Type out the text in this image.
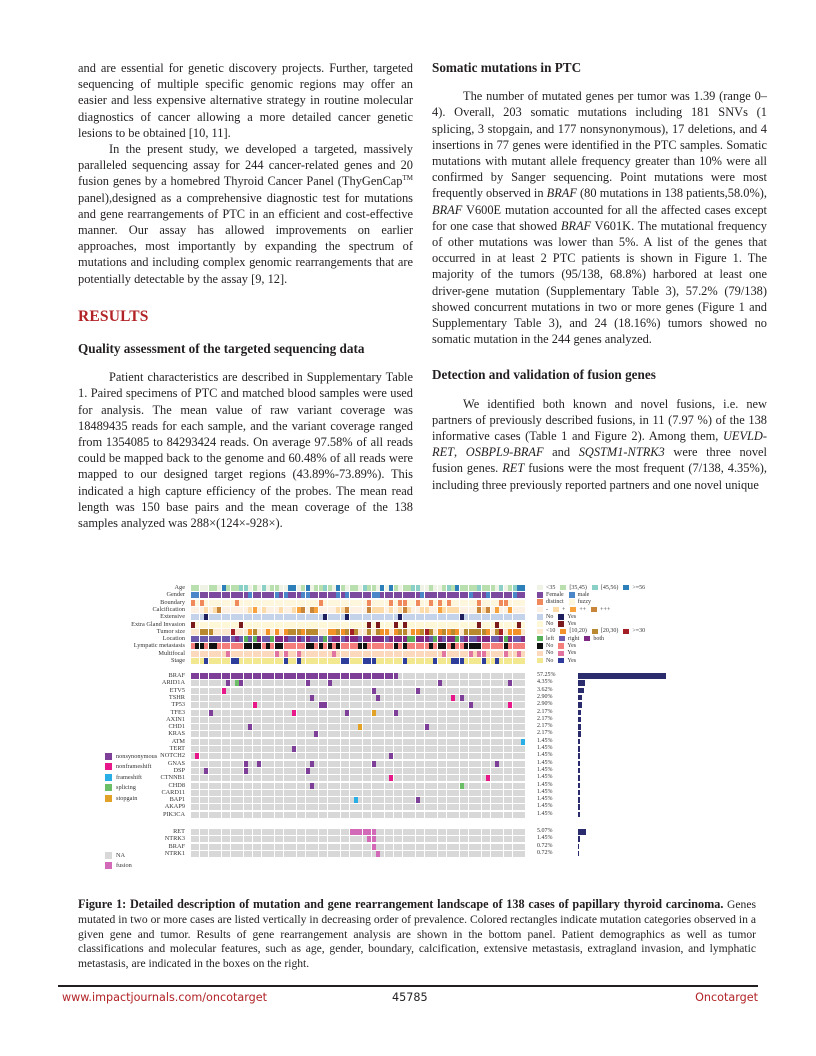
and are essential for genetic discovery projects. Further, targeted sequencing of multiple specific genomic regions may offer an easier and less expensive alternative strategy in routine molecular diagnostics of cancer allowing a more detailed cancer genetic lesions to be obtained [10, 11].

In the present study, we developed a targeted, massively paralleled sequencing assay for 244 cancer-related genes and 20 fusion genes by a homebred Thyroid Cancer Panel (ThyGenCap™ panel),designed as a comprehensive diagnostic test for mutations and gene rearrangements of PTC in an efficient and cost-effective manner. Our assay has allowed improvements on earlier approaches, most importantly by expanding the spectrum of mutations and including complex genomic rearrangements that are potentially detectable by the assay [9, 12].

RESULTS

Quality assessment of the targeted sequencing data

Patient characteristics are described in Supplementary Table 1. Paired specimens of PTC and matched blood samples were used for analysis. The mean value of raw variant coverage was 18489435 reads for each sample, and the variant coverage ranged from 1354085 to 84293424 reads. On average 97.58% of all reads could be mapped back to the genome and 60.48% of all reads were mapped to our designed target regions (43.89%-73.89%). This indicated a high capture efficiency of the probes. The mean read length was 150 base pairs and the mean coverage of the 138 samples analyzed was 288×(124×-928×).

Somatic mutations in PTC

The number of mutated genes per tumor was 1.39 (range 0–4). Overall, 203 somatic mutations including 181 SNVs (1 splicing, 3 stopgain, and 177 nonsynonymous), 17 deletions, and 4 insertions in 77 genes were identified in the PTC samples. Somatic mutations with mutant allele frequency greater than 10% were all confirmed by Sanger sequencing. Point mutations were most frequently observed in BRAF (80 mutations in 138 patients,58.0%), BRAF V600E mutation accounted for all the affected cases except for one case that showed BRAF V601K. The mutational frequency of other mutations was lower than 5%. A list of the genes that occurred in at least 2 PTC patients is shown in Figure 1. The majority of the tumors (95/138, 68.8%) harbored at least one driver-gene mutation (Supplementary Table 3), 57.2% (79/138) showed concurrent mutations in two or more genes (Figure 1 and Supplementary Table 3), and 24 (18.16%) tumors showed no somatic mutation in the 244 genes analyzed.

Detection and validation of fusion genes

We identified both known and novel fusions, i.e. new partners of previously described fusions, in 11 (7.97 %) of the 138 informative cases (Table 1 and Figure 2). Among them, UEVLD-RET, OSBPL9-BRAF and SQSTM1-NTRK3 were three novel fusion genes. RET fusions were the most frequent (7/138, 4.35%), including three previously reported partners and one novel unique

Age
Gender
Boundary
Calcification
Extensive
Extra Gland Invasion
Tumor size
Location
Lympatic metastasis
Multifocal
Stage
BRAF
ARID1A
ETV5
TSHR
TP53
TFE3
AXIN1
CHD1
KRAS
ATM
TERT
NOTCH2
GNAS
DSP
CTNNB1
CHD8
CARD11
BAP1
AKAP9
PIK3CA
RET
NTRK3
BRAF
NTRK1
<35 [35,45) [45,56) >=56
Female male
distinct fuzzy
- + ++ +++
No Yes
No Yes
<10 [10,20) [20,30) >=30
left right both
No Yes
No Yes
No Yes
57.25%
4.35%
3.62%
2.90%
2.90%
2.17%
2.17%
2.17%
2.17%
1.45%
1.45%
1.45%
1.45%
1.45%
1.45%
1.45%
1.45%
1.45%
1.45%
1.45%
5.07%
1.45%
0.72%
0.72%
nonsynonymous
nonframeshift
frameshift
splicing
stopgain
NA
fusion
Figure 1: Detailed description of mutation and gene rearrangement landscape of 138 cases of papillary thyroid carcinoma. Genes mutated in two or more cases are listed vertically in decreasing order of prevalence. Colored rectangles indicate mutation categories observed in a given gene and tumor. Results of gene rearrangement analysis are shown in the bottom panel. Patient demographics as well as tumor classifications and molecular features, such as age, gender, boundary, calcification, extensive metastasis, extragland invasion, and lymphatic metastasis, are indicated in the boxes on the right.
www.impactjournals.com/oncotarget	45785	Oncotarget
